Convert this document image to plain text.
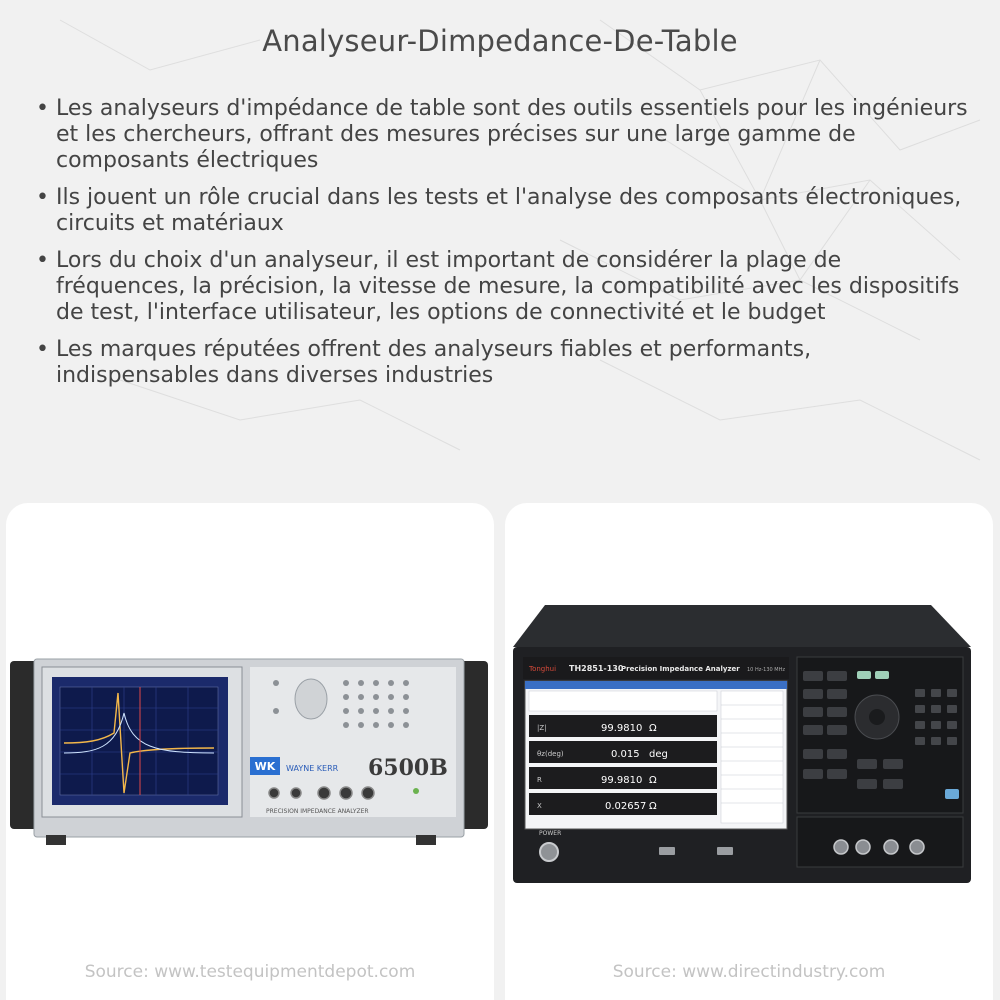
Analyseur-Dimpedance-De-Table
• Les analyseurs d'impédance de table sont des outils essentiels pour les ingénieurs et les chercheurs, offrant des mesures précises sur une large gamme de composants électriques
• Ils jouent un rôle crucial dans les tests et l'analyse des composants électroniques, circuits et matériaux
• Lors du choix d'un analyseur, il est important de considérer la plage de fréquences, la précision, la vitesse de mesure, la compatibilité avec les dispositifs de test, l'interface utilisateur, les options de connectivité et le budget
• Les marques réputées offrent des analyseurs fiables et performants, indispensables dans diverses industries
WK WAYNE KERR 6500B
PRECISION IMPEDANCE ANALYZER
Source: www.testequipmentdepot.com
Tonghui TH2851-130
Precision Impedance Analyzer 10 Hz-130 MHz
|Z|	99.9810 Ω
θz(deg)	0.015 deg
R	99.9810 Ω
X	0.02657 Ω
POWER
Source: www.directindustry.com
